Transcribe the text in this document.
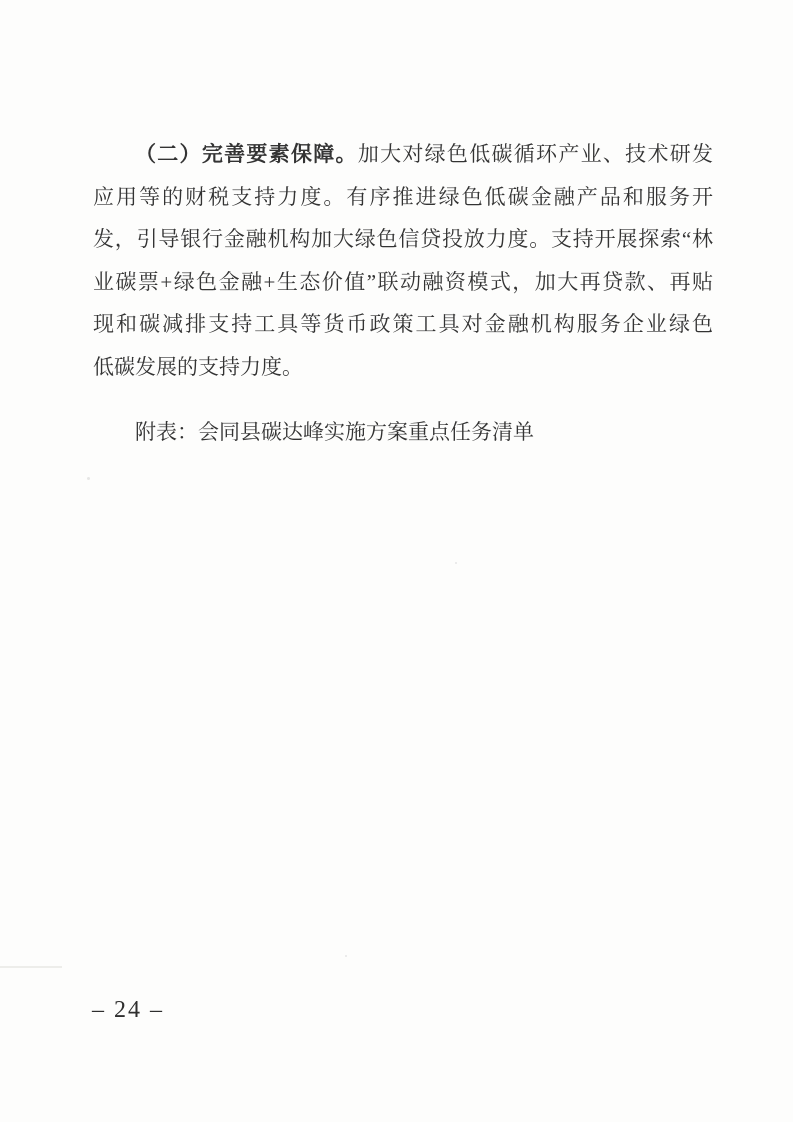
（二）完善要素保障。加大对绿色低碳循环产业、技术研发
应用等的财税支持力度。有序推进绿色低碳金融产品和服务开
发，引导银行金融机构加大绿色信贷投放力度。支持开展探索“林
业碳票+绿色金融+生态价值”联动融资模式，加大再贷款、再贴
现和碳减排支持工具等货币政策工具对金融机构服务企业绿色
低碳发展的支持力度。
附表：会同县碳达峰实施方案重点任务清单
– 24 –
